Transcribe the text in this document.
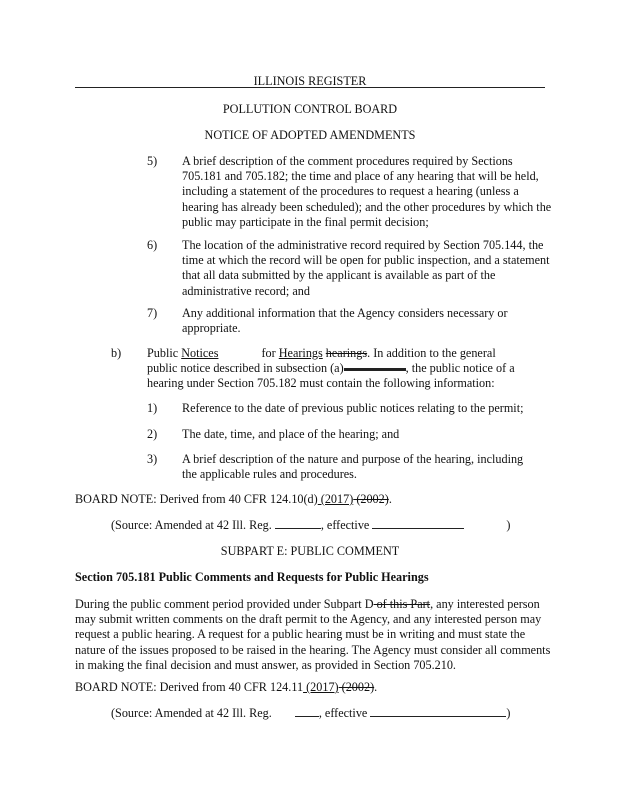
ILLINOIS REGISTER
POLLUTION CONTROL BOARD
NOTICE OF ADOPTED AMENDMENTS
5) A brief description of the comment procedures required by Sections 705.181 and 705.182; the time and place of any hearing that will be held, including a statement of the procedures to request a hearing (unless a hearing has already been scheduled); and the other procedures by which the public may participate in the final permit decision;
6) The location of the administrative record required by Section 705.144, the time at which the record will be open for public inspection, and a statement that all data submitted by the applicant is available as part of the administrative record; and
7) Any additional information that the Agency considers necessary or appropriate.
b) Public Notices	for Hearings hearings. In addition to the general public notice described in subsection (a)	, the public notice of a hearing under Section 705.182 must contain the following information:
1) Reference to the date of previous public notices relating to the permit;
2) The date, time, and place of the hearing; and
3) A brief description of the nature and purpose of the hearing, including the applicable rules and procedures.
BOARD NOTE: Derived from 40 CFR 124.10(d) (2017) (2002).
(Source: Amended at 42 Ill. Reg.	, effective	)
SUBPART E: PUBLIC COMMENT
Section 705.181 Public Comments and Requests for Public Hearings
During the public comment period provided under Subpart D of this Part, any interested person may submit written comments on the draft permit to the Agency, and any interested person may request a public hearing. A request for a public hearing must be in writing and must state the nature of the issues proposed to be raised in the hearing. The Agency must consider all comments in making the final decision and must answer, as provided in Section 705.210.
BOARD NOTE: Derived from 40 CFR 124.11 (2017) (2002).
(Source: Amended at 42 Ill. Reg.	, effective	)
